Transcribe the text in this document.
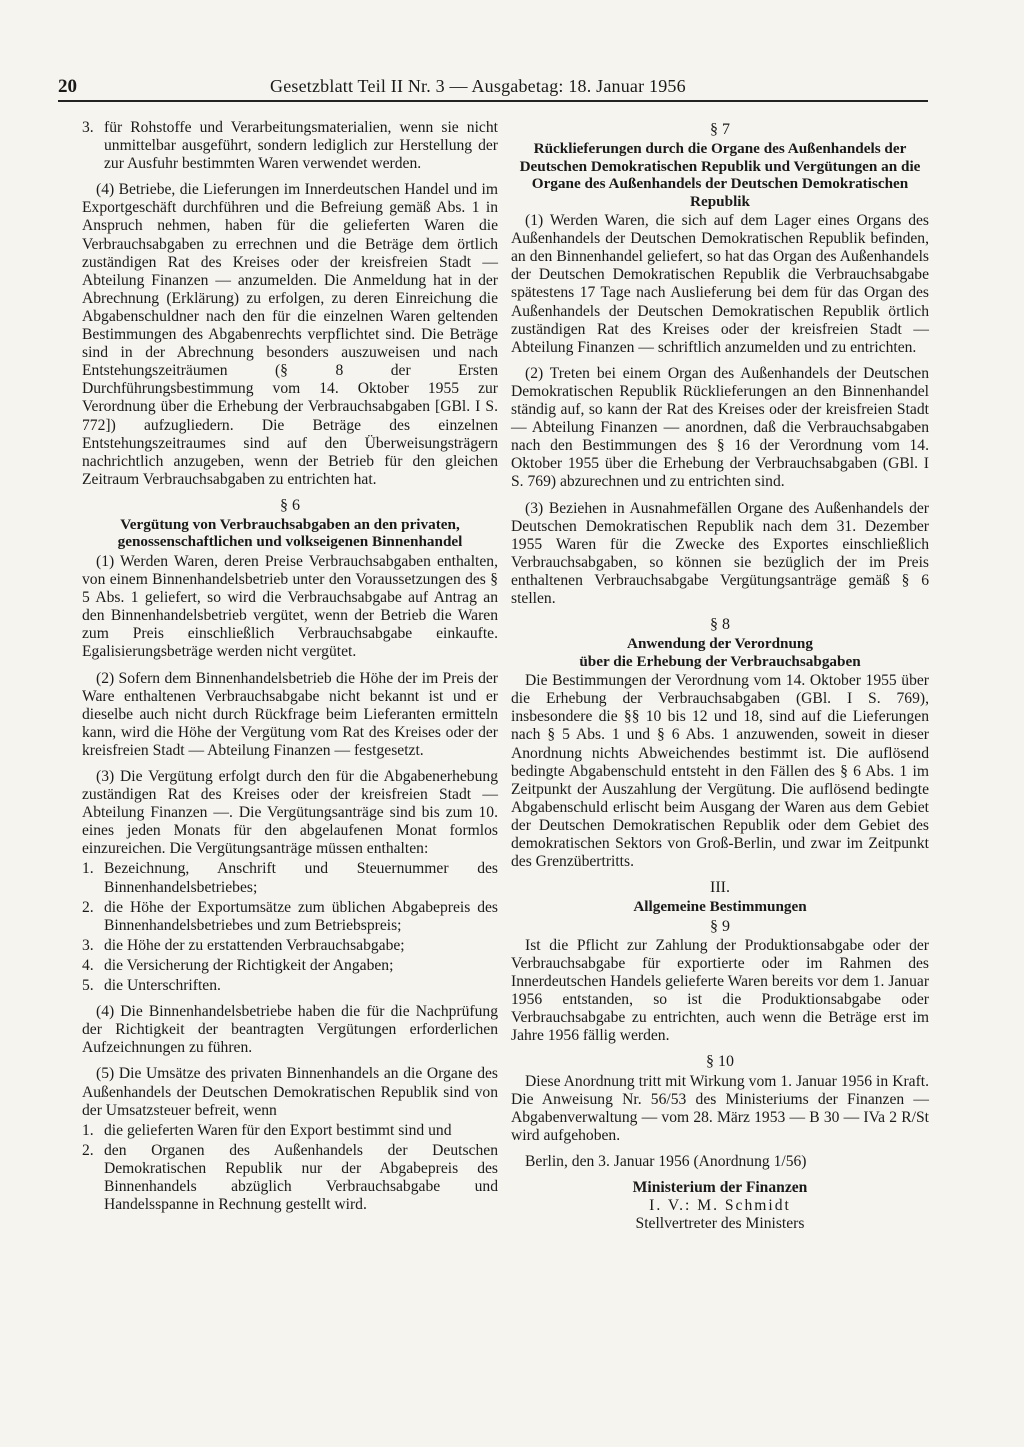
20	Gesetzblatt Teil II Nr. 3 — Ausgabetag: 18. Januar 1956
3. für Rohstoffe und Verarbeitungsmaterialien, wenn sie nicht unmittelbar ausgeführt, sondern lediglich zur Herstellung der zur Ausfuhr bestimmten Waren verwendet werden.

(4) Betriebe, die Lieferungen im Innerdeutschen Handel und im Exportgeschäft durchführen und die Befreiung gemäß Abs. 1 in Anspruch nehmen, haben für die gelieferten Waren die Verbrauchsabgaben zu errechnen und die Beträge dem örtlich zuständigen Rat des Kreises oder der kreisfreien Stadt — Abteilung Finanzen — anzumelden. Die Anmeldung hat in der Abrechnung (Erklärung) zu erfolgen, zu deren Einreichung die Abgabenschuldner nach den für die einzelnen Waren geltenden Bestimmungen des Abgabenrechts verpflichtet sind. Die Beträge sind in der Abrechnung besonders auszuweisen und nach Entstehungszeiträumen (§ 8 der Ersten Durchführungsbestimmung vom 14. Oktober 1955 zur Verordnung über die Erhebung der Verbrauchsabgaben [GBl. I S. 772]) aufzugliedern. Die Beträge des einzelnen Entstehungszeitraumes sind auf den Überweisungsträgern nachrichtlich anzugeben, wenn der Betrieb für den gleichen Zeitraum Verbrauchsabgaben zu entrichten hat.

§ 6
Vergütung von Verbrauchsabgaben an den privaten, genossenschaftlichen und volkseigenen Binnenhandel

(1) Werden Waren, deren Preise Verbrauchsabgaben enthalten, von einem Binnenhandelsbetrieb unter den Voraussetzungen des § 5 Abs. 1 geliefert, so wird die Verbrauchsabgabe auf Antrag an den Binnenhandelsbetrieb vergütet, wenn der Betrieb die Waren zum Preis einschließlich Verbrauchsabgabe einkaufte. Egalisierungsbeträge werden nicht vergütet.

(2) Sofern dem Binnenhandelsbetrieb die Höhe der im Preis der Ware enthaltenen Verbrauchsabgabe nicht bekannt ist und er dieselbe auch nicht durch Rückfrage beim Lieferanten ermitteln kann, wird die Höhe der Vergütung vom Rat des Kreises oder der kreisfreien Stadt — Abteilung Finanzen — festgesetzt.

(3) Die Vergütung erfolgt durch den für die Abgabenerhebung zuständigen Rat des Kreises oder der kreisfreien Stadt — Abteilung Finanzen —. Die Vergütungsanträge sind bis zum 10. eines jeden Monats für den abgelaufenen Monat formlos einzureichen. Die Vergütungsanträge müssen enthalten:

1. Bezeichnung, Anschrift und Steuernummer des Binnenhandelsbetriebes;
2. die Höhe der Exportumsätze zum üblichen Abgabepreis des Binnenhandelsbetriebes und zum Betriebspreis;
3. die Höhe der zu erstattenden Verbrauchsabgabe;
4. die Versicherung der Richtigkeit der Angaben;
5. die Unterschriften.

(4) Die Binnenhandelsbetriebe haben die für die Nachprüfung der Richtigkeit der beantragten Vergütungen erforderlichen Aufzeichnungen zu führen.

(5) Die Umsätze des privaten Binnenhandels an die Organe des Außenhandels der Deutschen Demokratischen Republik sind von der Umsatzsteuer befreit, wenn

1. die gelieferten Waren für den Export bestimmt sind und
2. den Organen des Außenhandels der Deutschen Demokratischen Republik nur der Abgabepreis des Binnenhandels abzüglich Verbrauchsabgabe und Handelsspanne in Rechnung gestellt wird.
§ 7
Rücklieferungen durch die Organe des Außenhandels der Deutschen Demokratischen Republik und Vergütungen an die Organe des Außenhandels der Deutschen Demokratischen Republik

(1) Werden Waren, die sich auf dem Lager eines Organs des Außenhandels der Deutschen Demokratischen Republik befinden, an den Binnenhandel geliefert, so hat das Organ des Außenhandels der Deutschen Demokratischen Republik die Verbrauchsabgabe spätestens 17 Tage nach Auslieferung bei dem für das Organ des Außenhandels der Deutschen Demokratischen Republik örtlich zuständigen Rat des Kreises oder der kreisfreien Stadt — Abteilung Finanzen — schriftlich anzumelden und zu entrichten.

(2) Treten bei einem Organ des Außenhandels der Deutschen Demokratischen Republik Rücklieferungen an den Binnenhandel ständig auf, so kann der Rat des Kreises oder der kreisfreien Stadt — Abteilung Finanzen — anordnen, daß die Verbrauchsabgaben nach den Bestimmungen des § 16 der Verordnung vom 14. Oktober 1955 über die Erhebung der Verbrauchsabgaben (GBl. I S. 769) abzurechnen und zu entrichten sind.

(3) Beziehen in Ausnahmefällen Organe des Außenhandels der Deutschen Demokratischen Republik nach dem 31. Dezember 1955 Waren für die Zwecke des Exportes einschließlich Verbrauchsabgaben, so können sie bezüglich der im Preis enthaltenen Verbrauchsabgabe Vergütungsanträge gemäß § 6 stellen.

§ 8
Anwendung der Verordnung
über die Erhebung der Verbrauchsabgaben

Die Bestimmungen der Verordnung vom 14. Oktober 1955 über die Erhebung der Verbrauchsabgaben (GBl. I S. 769), insbesondere die §§ 10 bis 12 und 18, sind auf die Lieferungen nach § 5 Abs. 1 und § 6 Abs. 1 anzuwenden, soweit in dieser Anordnung nichts Abweichendes bestimmt ist. Die auflösend bedingte Abgabenschuld entsteht in den Fällen des § 6 Abs. 1 im Zeitpunkt der Auszahlung der Vergütung. Die auflösend bedingte Abgabenschuld erlischt beim Ausgang der Waren aus dem Gebiet der Deutschen Demokratischen Republik oder dem Gebiet des demokratischen Sektors von Groß-Berlin, und zwar im Zeitpunkt des Grenzübertritts.

III.
Allgemeine Bestimmungen
§ 9

Ist die Pflicht zur Zahlung der Produktionsabgabe oder der Verbrauchsabgabe für exportierte oder im Rahmen des Innerdeutschen Handels gelieferte Waren bereits vor dem 1. Januar 1956 entstanden, so ist die Produktionsabgabe oder Verbrauchsabgabe zu entrichten, auch wenn die Beträge erst im Jahre 1956 fällig werden.

§ 10

Diese Anordnung tritt mit Wirkung vom 1. Januar 1956 in Kraft. Die Anweisung Nr. 56/53 des Ministeriums der Finanzen — Abgabenverwaltung — vom 28. März 1953 — B 30 — IVa 2 R/St wird aufgehoben.

Berlin, den 3. Januar 1956 (Anordnung 1/56)

Ministerium der Finanzen
I. V.: M. Schmidt
Stellvertreter des Ministers
